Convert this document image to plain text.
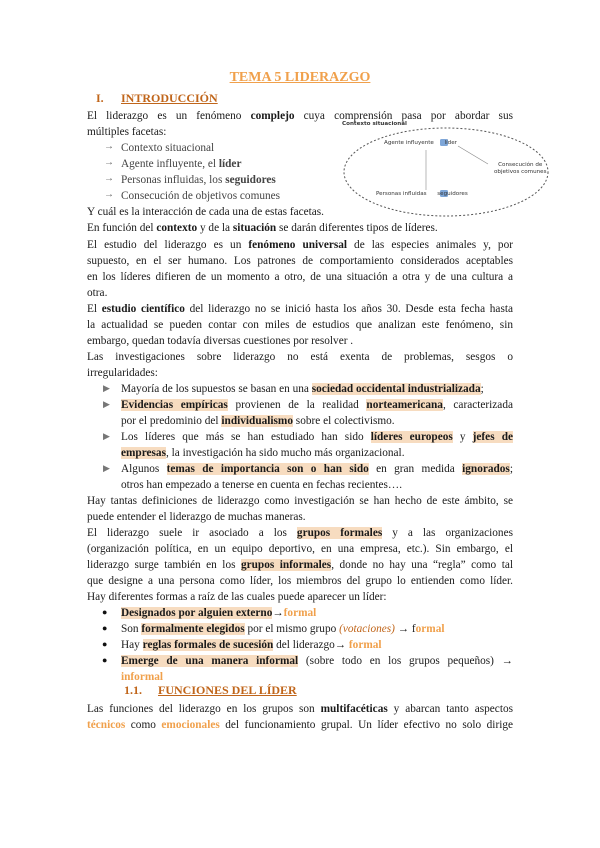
TEMA 5 LIDERAZGO
I. INTRODUCCIÓN
El liderazgo es un fenómeno complejo cuya comprensión pasa por abordar sus
múltiples facetas:
→ Contexto situacional
→ Agente influyente, el líder
→ Personas influidas, los seguidores
→ Consecución de objetivos comunes
Y cuál es la interacción de cada una de estas facetas.
En función del contexto y de la situación se darán diferentes tipos de líderes.
Contexto situacional
Agente influyente líder
Consecución de
objetivos comunes
Personas influidas seguidores
El estudio del liderazgo es un fenómeno universal de las especies animales y, por
supuesto, en el ser humano. Los patrones de comportamiento considerados aceptables
en los líderes difieren de un momento a otro, de una situación a otra y de una cultura a
otra.
El estudio científico del liderazgo no se inició hasta los años 30. Desde esta fecha hasta
la actualidad se pueden contar con miles de estudios que analizan este fenómeno, sin
embargo, quedan todavía diversas cuestiones por resolver .
Las investigaciones sobre liderazgo no está exenta de problemas, sesgos o
irregularidades:
▶ Mayoría de los supuestos se basan en una sociedad occidental industrializada;
▶ Evidencias empíricas provienen de la realidad norteamericana, caracterizada
por el predominio del individualismo sobre el colectivismo.
▶ Los líderes que más se han estudiado han sido líderes europeos y jefes de
empresas, la investigación ha sido mucho más organizacional.
▶ Algunos temas de importancia son o han sido en gran medida ignorados;
otros han empezado a tenerse en cuenta en fechas recientes….
Hay tantas definiciones de liderazgo como investigación se han hecho de este ámbito, se
puede entender el liderazgo de muchas maneras.
El liderazgo suele ir asociado a los grupos formales y a las organizaciones
(organización política, en un equipo deportivo, en una empresa, etc.). Sin embargo, el
liderazgo surge también en los grupos informales, donde no hay una “regla” como tal
que designe a una persona como líder, los miembros del grupo lo entienden como líder.
Hay diferentes formas a raíz de las cuales puede aparecer un líder:
● Designados por alguien externo→formal
● Son formalmente elegidos por el mismo grupo (votaciones) → formal
● Hay reglas formales de sucesión del liderazgo→ formal
● Emerge de una manera informal (sobre todo en los grupos pequeños) →
informal
1.1. FUNCIONES DEL LÍDER
Las funciones del liderazgo en los grupos son multifacéticas y abarcan tanto aspectos
técnicos como emocionales del funcionamiento grupal. Un líder efectivo no solo dirige
